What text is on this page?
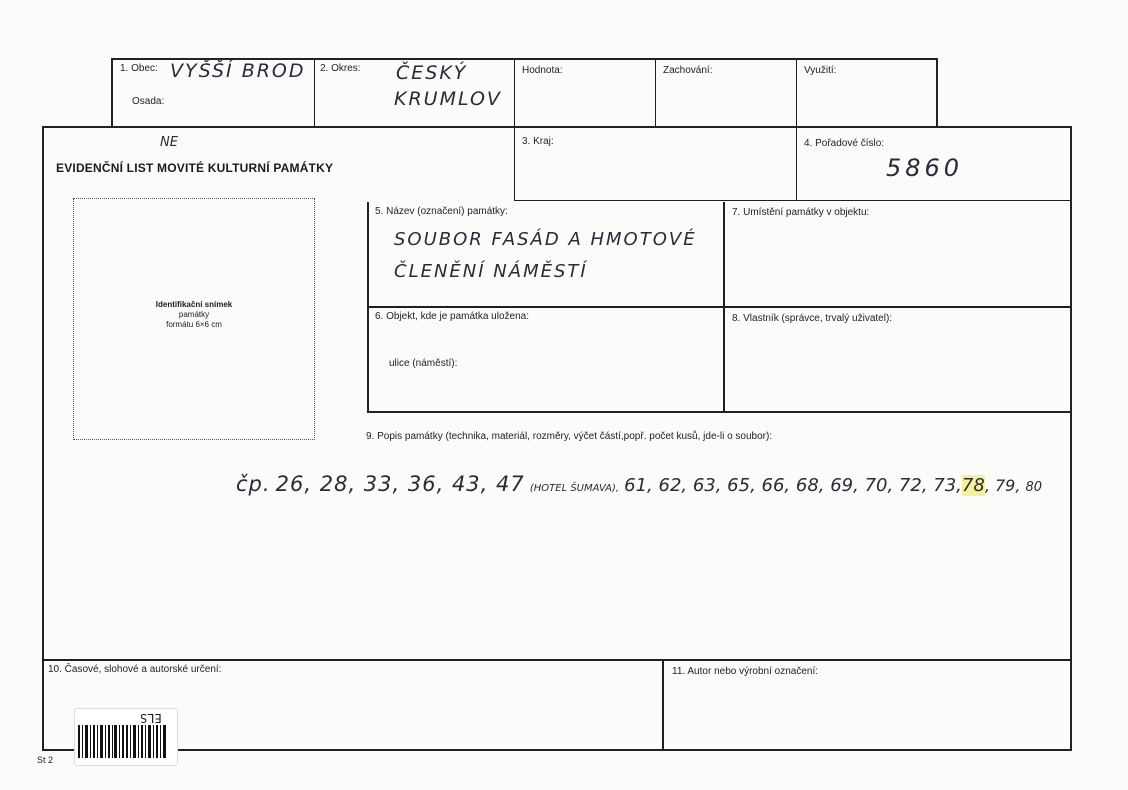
1. Obec: VYŠŠÍ BROD
Osada:
2. Okres: ČESKÝ
KRUMLOV
Hodnota:	Zachování:	Využití:
NE
EVIDENČNÍ LIST MOVITÉ KULTURNÍ PAMÁTKY
3. Kraj:	4. Pořadové číslo:
5860
Identifikační snímek
památky
formátu 6×6 cm
5. Název (označení) památky:
SOUBOR FASÁD A HMOTOVÉ
ČLENĚNÍ NÁMĚSTÍ
7. Umístění památky v objektu:
6. Objekt, kde je památka uložena:
ulice (náměstí):
8. Vlastník (správce, trvalý uživatel):
9. Popis památky (technika, materiál, rozměry, výčet částí,popř. počet kusů, jde-li o soubor):
čp. 26, 28, 33, 36, 43, 47 (HOTEL ŠUMAVA), 61, 62, 63, 65, 66, 68, 69, 70, 72, 73,78, 79, 80
10. Časové, slohové a autorské určení:	11. Autor nebo výrobní označení:
ELS
St 2
